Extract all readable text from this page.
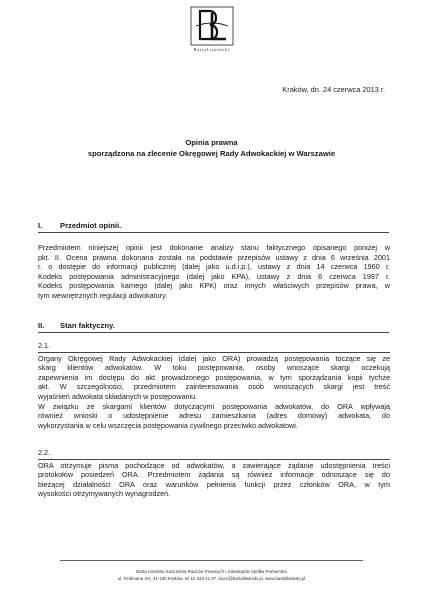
BartaLitwiński
Kraków, dn. 24 czerwca 2013 r.
Opinia prawna
sporządzona na zlecenie Okręgowej Rady Adwokackiej w Warszawie
I. Przedmiot opinii.
Przedmiotem niniejszej opinii jest dokonanie analizy stanu faktycznego opisanego poniżej w
pkt. II. Ocena prawna dokonana została na podstawie przepisów ustawy z dnia 6 września 2001
r. o dostępie do informacji publicznej (dalej jako u.d.i.p.), ustawy z dnia 14 czerwca 1960 r.
Kodeks postępowania administracyjnego (dalej jako KPA), ustawy z dnia 6 czerwca 1997 r.
Kodeks postępowania karnego (dalej jako KPK) oraz innych właściwych przepisów prawa, w
tym wewnętrznych regulacji adwokatury.
II. Stan faktyczny.
2.1.
Organy Okręgowej Rady Adwokackiej (dalej jako ORA) prowadzą postępowania toczące się ze
skarg klientów adwokatów. W toku postępowania, osoby wnoszące skargi oczekują
zapewnienia im dostępu do akt prowadzonego postępowania, w tym sporządzania kopii tychże
akt. W szczególności, przedmiotem zainteresowania osób wnoszących skargi jest treść
wyjaśnień adwokata składanych w postępowaniu.
W związku ze skargami klientów dotyczącymi postępowania adwokatów, do ORA wpływają
również wnioski o udostępnienie adresu zamieszkania (adres domowy) adwokata, do
wykorzystania w celu wszczęcia postępowania cywilnego przeciwko adwokatowi.
2.2.
ORA otrzymuje pisma pochodzące od adwokatów, a zawierające żądanie udostępnienia treści
protokołów posiedzeń ORA. Przedmiotem żądania są również informacje odnoszące się do
bieżącej działalności ORA oraz warunków pełnienia funkcji przez członków ORA, w tym
wysokości otrzymywanych wynagrodzeń.
Barta Litwiński Kancelaria Radców Prawnych i Adwokatów Spółka Partnerska
ul. Feldmana 4/4, 31-130 Kraków, tel 12 633 41 07, biuro@bartalitwinski.pl, www.bartalitwinski.pl
